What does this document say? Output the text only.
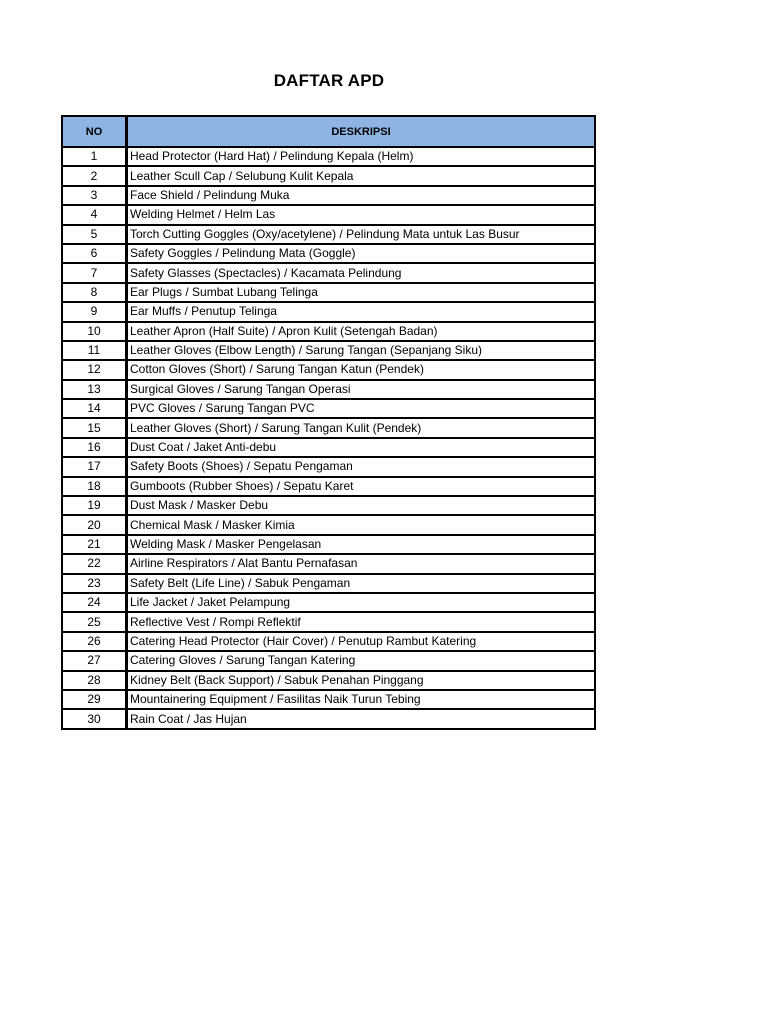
DAFTAR APD
NO	DESKRIPSI
1	Head Protector (Hard Hat) / Pelindung Kepala (Helm)
2	Leather Scull Cap / Selubung Kulit Kepala
3	Face Shield / Pelindung Muka
4	Welding Helmet / Helm Las
5	Torch Cutting Goggles (Oxy/acetylene) / Pelindung Mata untuk Las Busur
6	Safety Goggles / Pelindung Mata (Goggle)
7	Safety Glasses (Spectacles) / Kacamata Pelindung
8	Ear Plugs / Sumbat Lubang Telinga
9	Ear Muffs / Penutup Telinga
10	Leather Apron (Half Suite) / Apron Kulit (Setengah Badan)
11	Leather Gloves (Elbow Length) / Sarung Tangan (Sepanjang Siku)
12	Cotton Gloves (Short) / Sarung Tangan Katun (Pendek)
13	Surgical Gloves / Sarung Tangan Operasi
14	PVC Gloves / Sarung Tangan PVC
15	Leather Gloves (Short) / Sarung Tangan Kulit (Pendek)
16	Dust Coat / Jaket Anti-debu
17	Safety Boots (Shoes) / Sepatu Pengaman
18	Gumboots (Rubber Shoes) / Sepatu Karet
19	Dust Mask / Masker Debu
20	Chemical Mask / Masker Kimia
21	Welding Mask / Masker Pengelasan
22	Airline Respirators / Alat Bantu Pernafasan
23	Safety Belt (Life Line) / Sabuk Pengaman
24	Life Jacket / Jaket Pelampung
25	Reflective Vest / Rompi Reflektif
26	Catering Head Protector (Hair Cover) / Penutup Rambut Katering
27	Catering Gloves / Sarung Tangan Katering
28	Kidney Belt (Back Support) / Sabuk Penahan Pinggang
29	Mountainering Equipment / Fasilitas Naik Turun Tebing
30	Rain Coat / Jas Hujan
